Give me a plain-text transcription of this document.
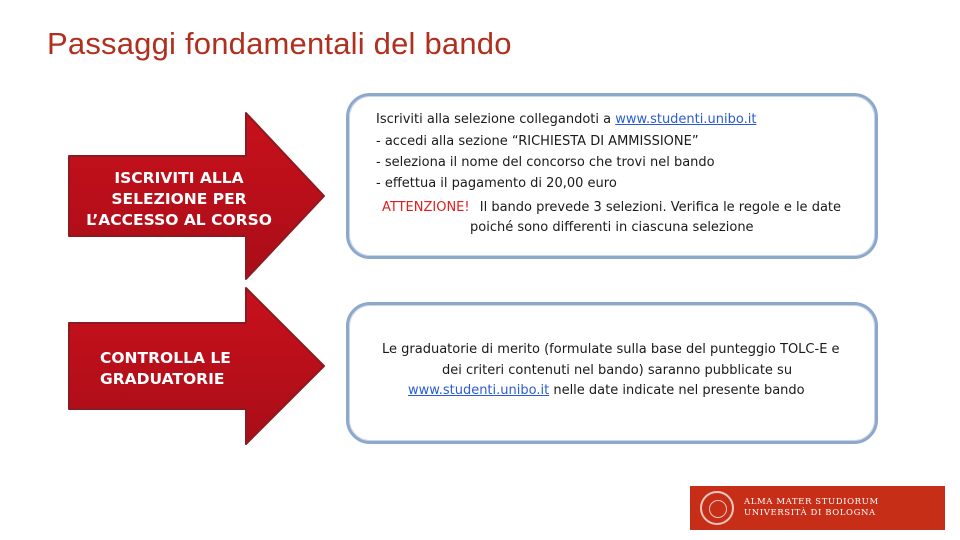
Passaggi fondamentali del bando
ISCRIVITI ALLA
SELEZIONE PER
L’ACCESSO AL CORSO
CONTROLLA LE
GRADUATORIE
Iscriviti alla selezione collegandoti a www.studenti.unibo.it
- accedi alla sezione “RICHIESTA DI AMMISSIONE”
- seleziona il nome del concorso che trovi nel bando
- effettua il pagamento di 20,00 euro
ATTENZIONE! Il bando prevede 3 selezioni. Verifica le regole e le date
poiché sono differenti in ciascuna selezione
Le graduatorie di merito (formulate sulla base del punteggio TOLC-E e
dei criteri contenuti nel bando) saranno pubblicate su
www.studenti.unibo.it nelle date indicate nel presente bando
ALMA MATER STUDIORUM
UNIVERSITÀ DI BOLOGNA
